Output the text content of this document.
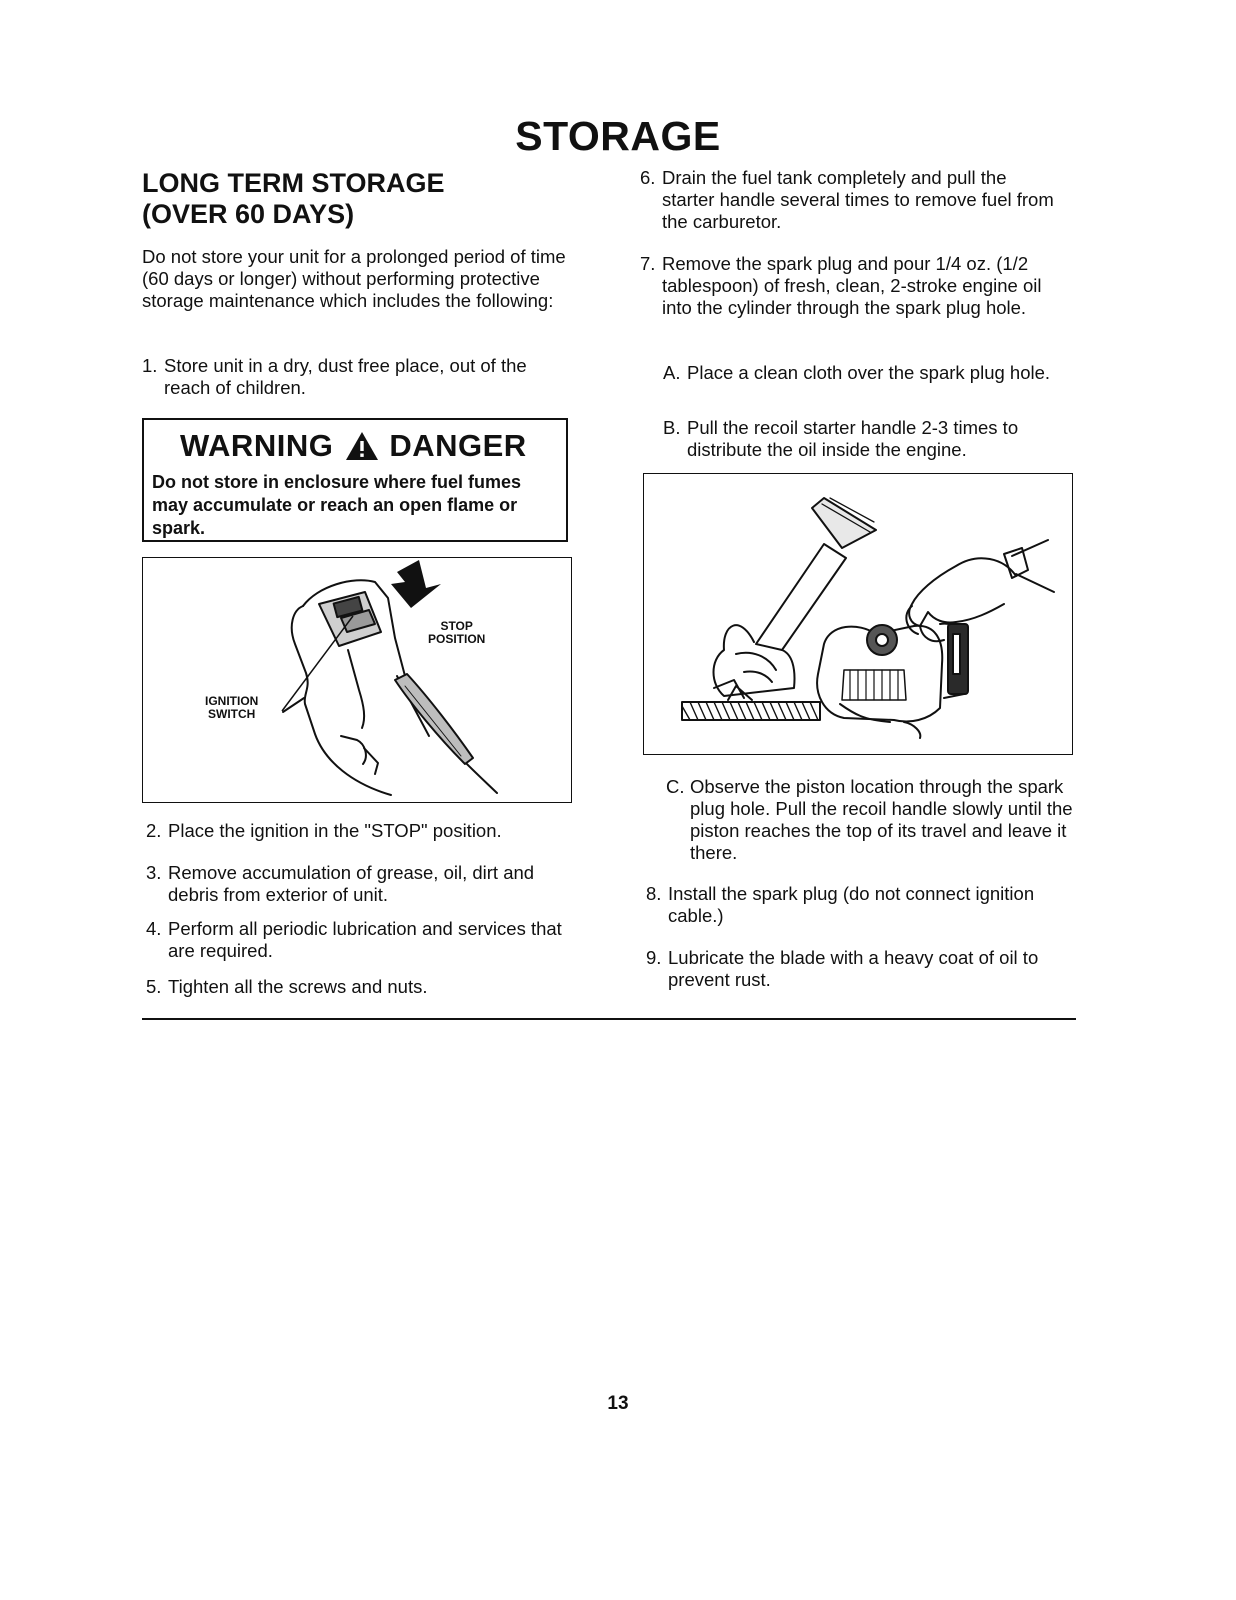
STORAGE
LONG TERM STORAGE
(OVER 60 DAYS)
Do not store your unit for a prolonged period of time (60 days or longer) without performing protective storage maintenance which includes the following:
1. Store unit in a dry, dust free place, out of the reach of children.
WARNING DANGER
Do not store in enclosure where fuel fumes may accumulate or reach an open flame or spark.
STOP
POSITION
IGNITION
SWITCH
2. Place the ignition in the "STOP" position.
3. Remove accumulation of grease, oil, dirt and debris from exterior of unit.
4. Perform all periodic lubrication and services that are required.
5. Tighten all the screws and nuts.
6. Drain the fuel tank completely and pull the starter handle several times to remove fuel from the carburetor.
7. Remove the spark plug and pour 1/4 oz. (1/2 tablespoon) of fresh, clean, 2-stroke engine oil into the cylinder through the spark plug hole.
A. Place a clean cloth over the spark plug hole.
B. Pull the recoil starter handle 2-3 times to distribute the oil inside the engine.
C. Observe the piston location through the spark plug hole. Pull the recoil handle slowly until the piston reaches the top of its travel and leave it there.
8. Install the spark plug (do not connect ignition cable.)
9. Lubricate the blade with a heavy coat of oil to prevent rust.
13
